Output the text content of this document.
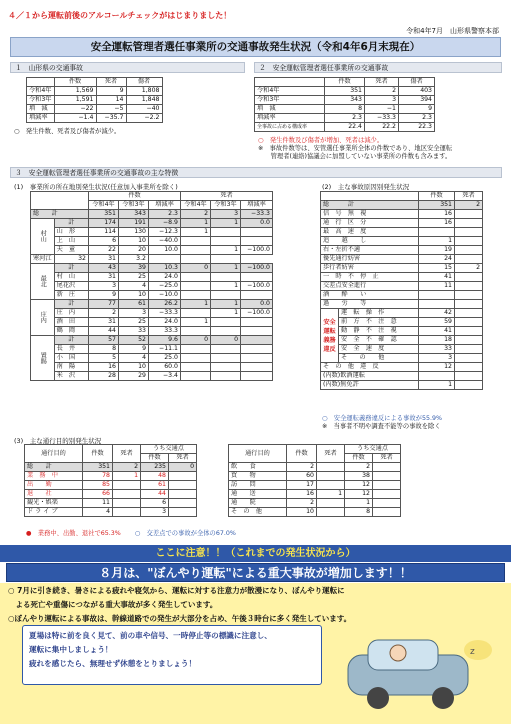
４／１から運転前後のアルコールチェックがはじまりました！
令和4年7月　山形県警察本部
安全運転管理者選任事業所の交通事故発生状況（令和4年6月末現在）
１　山形県の交通事故
	件数	死者	傷者
令和4年	1,569	9	1,808
令和3年	1,591	14	1,848
増　減	−22	−5	−40
増減率	−1.4	−35.7	−2.2
○　発生件数、死者及び傷者が減少。
２　安全運転管理者選任事業所の交通事故
	件数	死者	傷者
令和4年	351	2	403
令和3年	343	3	394
増　減	8	−1	9
増減率	2.3	−33.3	2.3
全事故に占める構成率	22.4	22.2	22.3
○　発生件数及び傷者が増加、死者は減少。
※　事故件数等は、安管選任事業所全体の件数であり、地区安全運転
　　管理者(連絡)協議会に加盟していない事業所の件数も含みます。
３　安全運転管理者選任事業所の交通事故の主な特徴
(1)　事業所の所在地別発生状況(任意加入事業所を除く)
		件数			死者		
		令和4年	令和3年	増減率	令和4年	令和3年	増減率
総　　計		351	343	2.3	2	3	−33.3
村山	計	174	191	−8.9	1	1	0.0
	山　形	114	130	−12.3	1		
	上　山	6	10	−40.0			
	天　童	22	20	10.0		1	−100.0
寒河江	32	31	3.2				
最北	計	43	39	10.3	0	1	−100.0
	村　山	31	25	24.0			
	尾花沢	3	4	−25.0		1	−100.0
	新　庄	9	10	−10.0			
庄内	計	77	61	26.2	1	1	0.0
	庄　内	2	3	−33.3		1	−100.0
	酒　田	31	25	24.0	1		
	鶴　岡	44	33	33.3			
置賜	計	57	52	9.6	0	0	
	長　井	8	9	−11.1			
	小　国	5	4	25.0			
	南　陽	16	10	60.0			
	米　沢	28	29	−3.4			
(2)　主な事故原因別発生状況
		件数	死者
総　　　計		351	2
信　号　無　視		16	
通　行　区　分		16	
最　高　速　度			
追　　越　　し		1	
右・左折不適		19	
優先通行妨害		24	
歩行者妨害		15	2
一　時　不　停　止		41	
交差点安全進行		11	
酒　　酔　　い			
過　　労　　等			

安全
運転
義務
違反	運　転　操　作	42	
	前　方　不　注　意	59	
	動　静　不　注　視	41	
	安　全　不　確　認	18	
	安　全　速　度	33	
	そ　　の　　他	3	
そ　の　他　違　反		12	
(内数)飲酒運転			
(内数)無免許		1	
○　安全運転義務違反による事故が55.9%
※　当事者不明や調査不能等の事故を除く
(3)　主な通行目的別発生状況
通行目的	件数	死者	うち交通点	
			件数	死者
総　　計	351	2	235	0
業　務　中	78	1	48	
出　　勤	85		61	
退　　社	66		44	
観光・娯楽	11		6	
ド ラ イ ブ	4		3	
通行目的	件数	死者	うち交通点	
			件数	死者
飲　　食	2		2	
買　　物	60		38	
訪　　問	17		12	
通　　送	16	1	12	
通　　院	2		1	
そ　の　他	10		8	
●　業務中、出勤、退社で65.3% ○　交差点での事故が全体の67.0%
ここに注意！！（これまでの発生状況から）
８月は、"ぼんやり運転"による重大事故が増加します！！
○ 7月に引き続き、暑さによる疲れや寝気から、運転に対する注意力が散漫になり、ぼんやり運転に
　よる死亡や重傷につながる重大事故が多く発生しています。
○ぼんやり運転による事故は、幹線道路での発生が大部分を占め、午後３時台に多く発生しています。
夏場は特に前を良く見て、前の車や信号、一時停止等の標識に注意し、
運転に集中しましょう！
疲れを感じたら、無理せず休憩をとりましょう！
z
